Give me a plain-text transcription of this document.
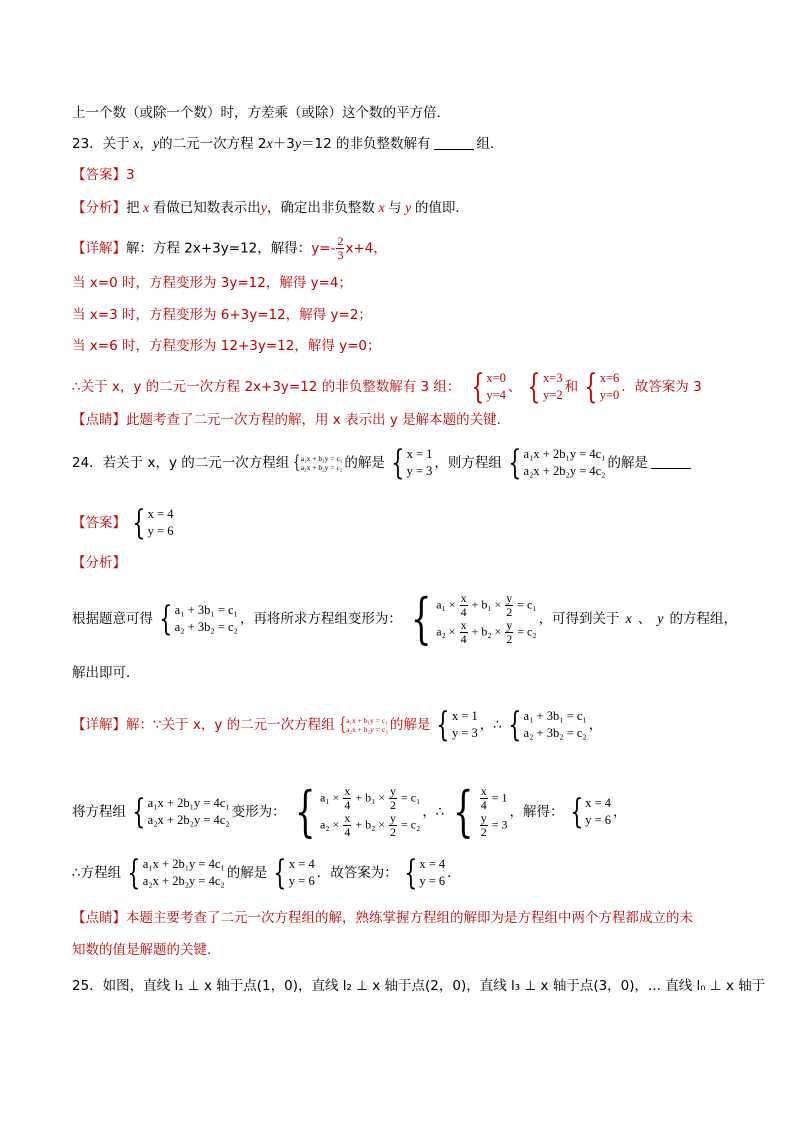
上一个数（或除一个数）时，方差乘（或除）这个数的平方倍．
23．关于 x，y的二元一次方程 2x＋3y＝12 的非负整数解有	组．
【答案】3
【分析】把 x 看做已知数表示出y，确定出非负整数 x 与 y 的值即．
【详解】解：方程 2x+3y=12，解得：$y=- \frac{2}{3} x+4$，
当 x=0 时，方程变形为 3y=12，解得 y=4；
当 x=3 时，方程变形为 6+3y=12，解得 y=2；
当 x=6 时，方程变形为 12+3y=12，解得 y=0；
∴关于 x，y 的二元一次方程 2x+3y=12 的非负整数解有 3 组： { x=0
y=4 、 { x=3
y=2 和 { x=6
y=0 ．故答案为 3
【点睛】此题考查了二元一次方程的解，用 x 表示出 y 是解本题的关键．
24．若关于 x，y 的二元一次方程组 { a₁x + b₁y = c₁
a₂x + b₂y = c₂ 的解是 { x = 1
y = 3 ，则方程组 { a₁x + 2b₁y = 4c₁
a₂x + 2b₂y = 4c₂ 的解是
【答案】 { x = 4
y = 6
【分析】
根据题意可得 { a₁ + 3b₁ = c₁
a₂ + 3b₂ = c₂ ，再将所求方程组变形为： { $a_1 \times \frac{x}{4} + b_1 \times \frac{y}{2} = c_1$
$a_2 \times \frac{x}{4} + b_2 \times \frac{y}{2} = c_2$
，可得到关于 x 、 y 的方程组，
解出即可．
【详解】解：∵关于 x，y 的二元一次方程组 { a₁x + b₁y = c₁
a₂x + b₂y = c₂ 的解是 { x = 1
y = 3 ，∴ { a₁ + 3b₁ = c₁
a₂ + 3b₂ = c₂ ，
将方程组 { a₁x + 2b₁y = 4c₁
a₂x + 2b₂y = 4c₂ 变形为： { $a_1 \times \frac{x}{4} + b_1 \times \frac{y}{2} = c_1$
$a_2 \times \frac{x}{4} + b_2 \times \frac{y}{2} = c_2$
，∴ { $\frac{x}{4} = 1$
$\frac{y}{2} = 3$
，解得： { x = 4
y = 6 ，
∴方程组 { a₁x + 2b₁y = 4c₁
a₂x + 2b₂y = 4c₂ 的解是 { x = 4
y = 6 ．故答案为： { x = 4
y = 6 ．
【点睛】本题主要考查了二元一次方程组的解，熟练掌握方程组的解即为是方程组中两个方程都成立的未
知数的值是解题的关键．
25．如图，直线 l₁ ⊥ x 轴于点(1，0)，直线 l₂ ⊥ x 轴于点(2，0)，直线 l₃ ⊥ x 轴于点(3，0)，... 直线 lₙ ⊥ x 轴于
